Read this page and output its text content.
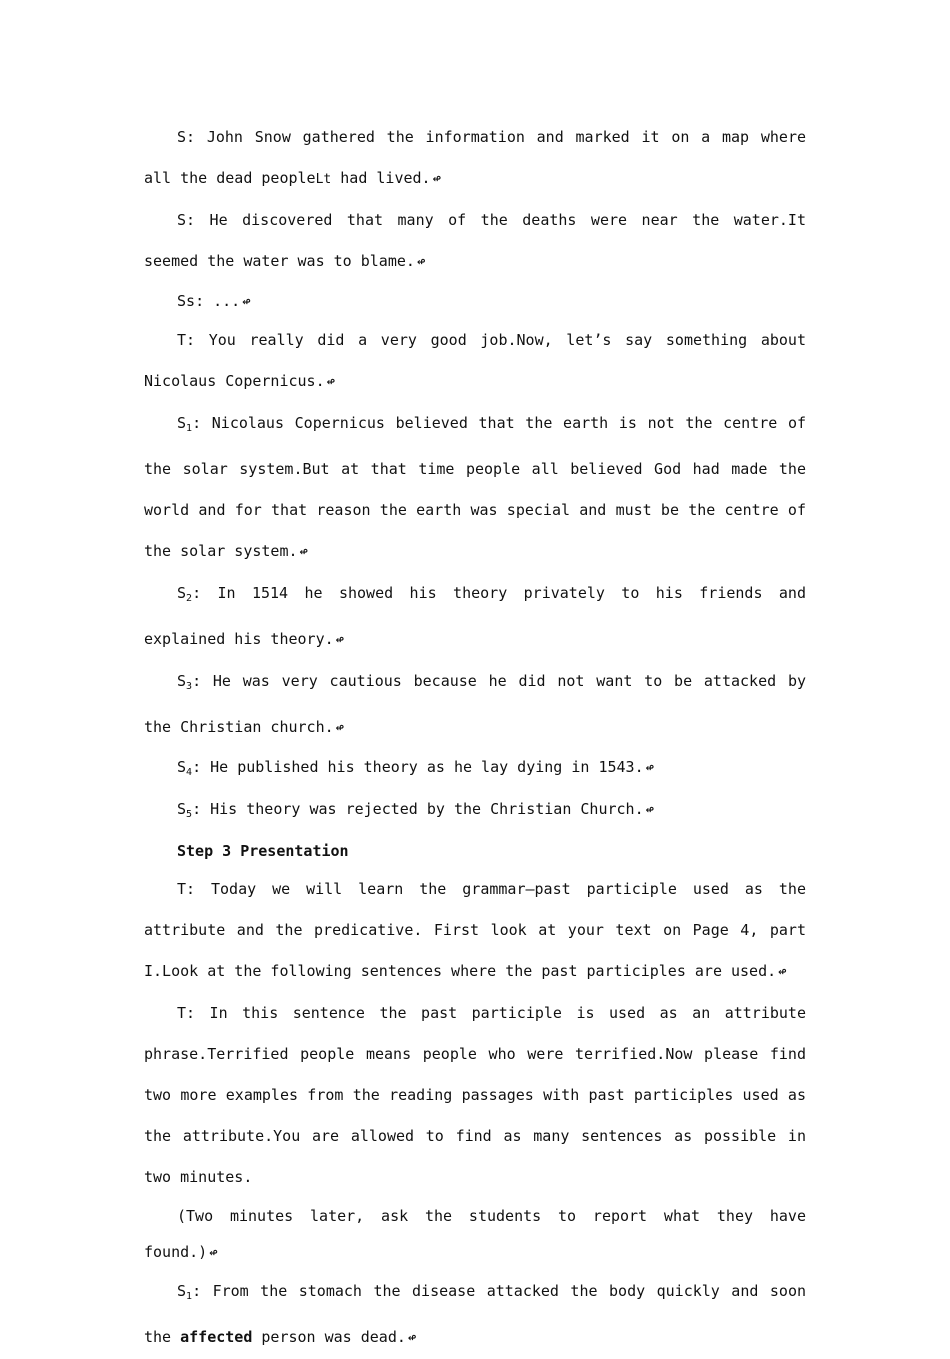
S: John Snow gathered the information and marked it on a map where all the dead peopleLt had lived. ↫

S: He discovered that many of the deaths were near the water.It seemed the water was to blame. ↫

Ss: ... ↫

T: You really did a very good job.Now, let’s say something about Nicolaus Copernicus. ↫

$S_1$: Nicolaus Copernicus believed that the earth is not the centre of the solar system.But at that time people all believed God had made the world and for that reason the earth was special and must be the centre of the solar system. ↫

$S_2$: In 1514 he showed his theory privately to his friends and explained his theory. ↫

$S_3$: He was very cautious because he did not want to be attacked by the Christian church. ↫

$S_4$: He published his theory as he lay dying in 1543. ↫

$S_5$: His theory was rejected by the Christian Church. ↫

Step 3 Presentation

T: Today we will learn the grammar—past participle used as the attribute and the predicative. First look at your text on Page 4, part I.Look at the following sentences where the past participles are used. ↫

T: In this sentence the past participle is used as an attribute phrase.Terrified people means people who were terrified.Now please find two more examples from the reading passages with past participles used as the attribute.You are allowed to find as many sentences as possible in two minutes.

(Two minutes later, ask the students to report what they have found.) ↫

$S_1$: From the stomach the disease attacked the body quickly and soon the affected person was dead. ↫
